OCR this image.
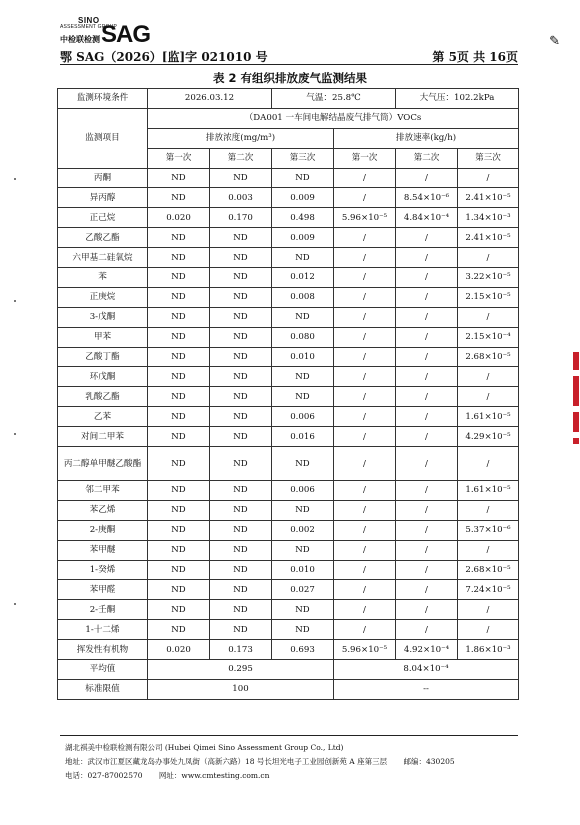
SINO
ASSESSMENT GROUP
中检联检测 SAG	✎
鄂 SAG（2026）[监]字 021010 号	第 5页 共 16页
表 2 有组织排放废气监测结果
监测环境条件	2026.03.12		气温：25.8℃		大气压：102.2kPa	
监测项目	（DA001 一车间电解结晶废气排气筒）VOCs					
	排放浓度(mg/m³)			排放速率(kg/h)		
	第一次	第二次	第三次	第一次	第二次	第三次
丙酮	ND	ND	ND	/	/	/
异丙醇	ND	0.003	0.009	/	8.54×10⁻⁶	2.41×10⁻⁵
正己烷	0.020	0.170	0.498	5.96×10⁻⁵	4.84×10⁻⁴	1.34×10⁻³
乙酸乙酯	ND	ND	0.009	/	/	2.41×10⁻⁵
六甲基二硅氧烷	ND	ND	ND	/	/	/
苯	ND	ND	0.012	/	/	3.22×10⁻⁵
正庚烷	ND	ND	0.008	/	/	2.15×10⁻⁵
3-戊酮	ND	ND	ND	/	/	/
甲苯	ND	ND	0.080	/	/	2.15×10⁻⁴
乙酸丁酯	ND	ND	0.010	/	/	2.68×10⁻⁵
环戊酮	ND	ND	ND	/	/	/
乳酸乙酯	ND	ND	ND	/	/	/
乙苯	ND	ND	0.006	/	/	1.61×10⁻⁵
对间二甲苯	ND	ND	0.016	/	/	4.29×10⁻⁵
丙二醇单甲醚乙酸酯	ND	ND	ND	/	/	/
邻二甲苯	ND	ND	0.006	/	/	1.61×10⁻⁵
苯乙烯	ND	ND	ND	/	/	/
2-庚酮	ND	ND	0.002	/	/	5.37×10⁻⁶
苯甲醚	ND	ND	ND	/	/	/
1-癸烯	ND	ND	0.010	/	/	2.68×10⁻⁵
苯甲醛	ND	ND	0.027	/	/	7.24×10⁻⁵
2-壬酮	ND	ND	ND	/	/	/
1-十二烯	ND	ND	ND	/	/	/
挥发性有机物	0.020	0.173	0.693	5.96×10⁻⁵	4.92×10⁻⁴	1.86×10⁻³
平均值	0.295			8.04×10⁻⁴		
标准限值	100			--		
湖北祺美中检联检测有限公司 (Hubei Qimei Sino Assessment Group Co., Ltd)
地址：武汉市江夏区藏龙岛办事处九凤街（高新六路）18 号长坦光电子工业园创新苑 A 座第三层 邮编：430205
电话：027-87002570 网址：www.cmtesting.com.cn
